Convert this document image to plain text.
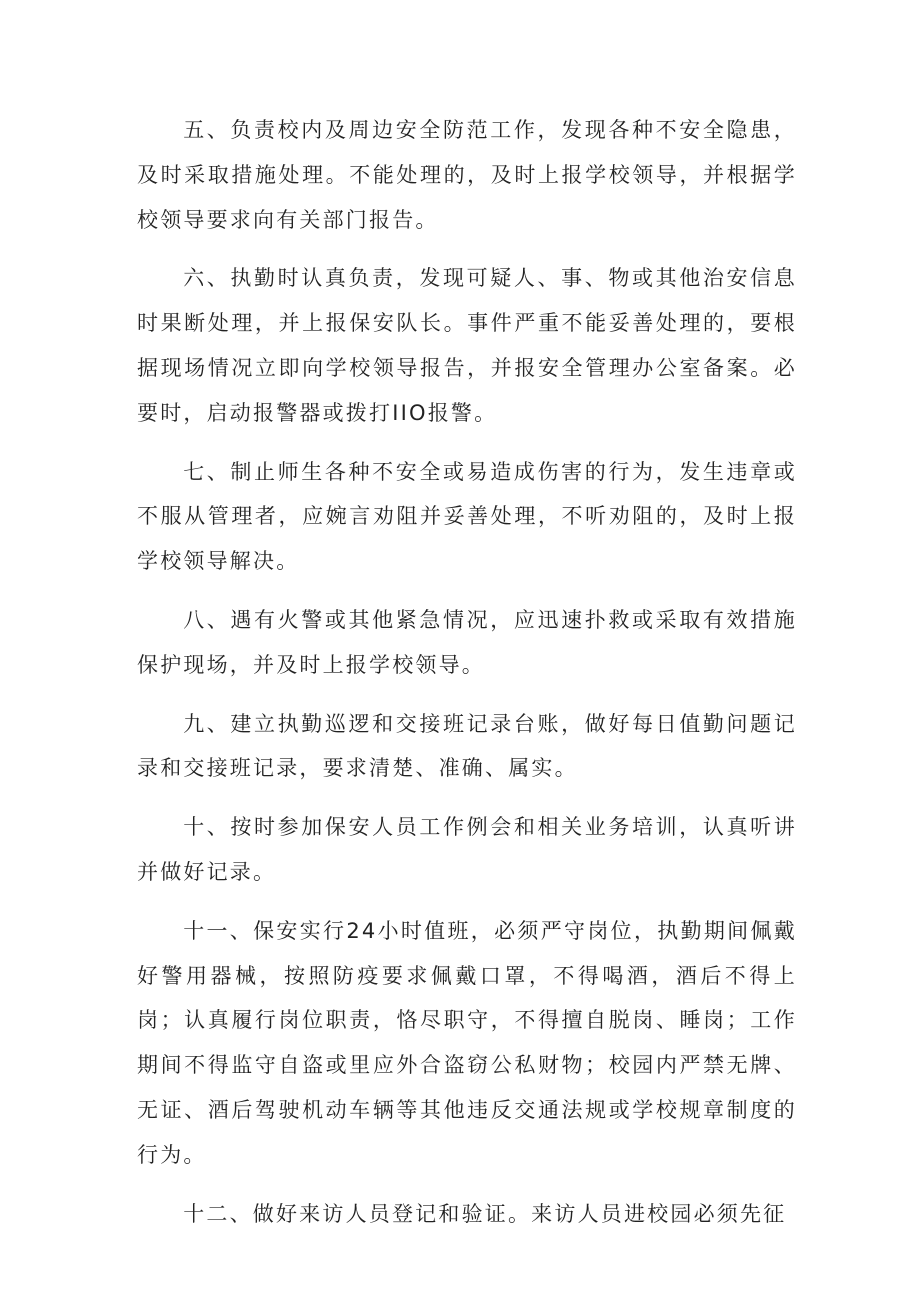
五、负责校内及周边安全防范工作，发现各种不安全隐患，及时采取措施处理。不能处理的，及时上报学校领导，并根据学校领导要求向有关部门报告。

六、执勤时认真负责，发现可疑人、事、物或其他治安信息时果断处理，并上报保安队长。事件严重不能妥善处理的，要根据现场情况立即向学校领导报告，并报安全管理办公室备案。必要时，启动报警器或拨打IIO报警。

七、制止师生各种不安全或易造成伤害的行为，发生违章或不服从管理者，应婉言劝阻并妥善处理，不听劝阻的，及时上报学校领导解决。

八、遇有火警或其他紧急情况，应迅速扑救或采取有效措施保护现场，并及时上报学校领导。

九、建立执勤巡逻和交接班记录台账，做好每日值勤问题记录和交接班记录，要求清楚、准确、属实。

十、按时参加保安人员工作例会和相关业务培训，认真听讲并做好记录。

十一、保安实行24小时值班，必须严守岗位，执勤期间佩戴好警用器械，按照防疫要求佩戴口罩，不得喝酒，酒后不得上岗；认真履行岗位职责，恪尽职守，不得擅自脱岗、睡岗；工作期间不得监守自盗或里应外合盗窃公私财物；校园内严禁无牌、无证、酒后驾驶机动车辆等其他违反交通法规或学校规章制度的行为。

十二、做好来访人员登记和验证。来访人员进校园必须先征
